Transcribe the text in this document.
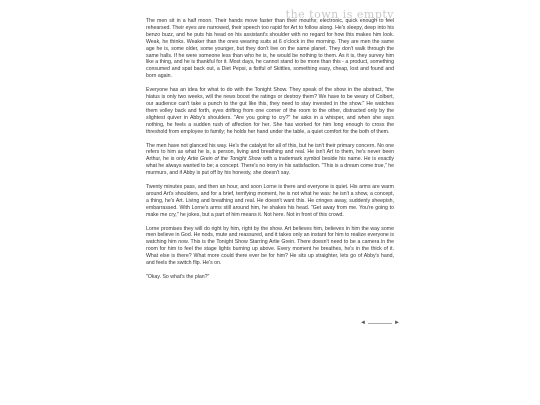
the town is empty

The men sit in a half moon. Their hands move faster than their mouths; electronic, quick enough to feel rehearsed. Their eyes are narrowed, their speech too rapid for Art to follow along. He's sleepy, deep into his benzo buzz, and he puts his head on his assistant's shoulder with no regard for how this makes him look. Weak, he thinks. Weaker than the ones wearing suits at 6 o'clock in the morning. They are men the same age he is, some older, some younger, but they don't live on the same planet. They don't walk through the same halls. If he were someone less than who he is, he would be nothing to them. As it is, they survey him like a thing, and he is thankful for it. Most days, he cannot stand to be more than this - a product, something consumed and spat back out, a Diet Pepsi, a fistful of Skittles, something easy, cheap, lost and found and born again.

Everyone has an idea for what to do with the Tonight Show. They speak of the show in the abstract, "the hiatus is only two weeks, will the news boost the ratings or destroy them? We have to be weary of Colbert, our audience can't take a punch to the gut like this, they need to stay invested in the show." He watches them volley back and forth, eyes drifting from one corner of the room to the other, distracted only by the slightest quiver in Abby's shoulders. "Are you going to cry?" he asks in a whisper, and when she says nothing, he feels a sudden rush of affection for her. She has worked for him long enough to cross the threshold from employee to family; he holds her hand under the table, a quiet comfort for the both of them.

The men have not glanced his way. He's the catalyst for all of this, but he isn't their primary concern. No one refers to him as what he is, a person, living and breathing and real. He isn't Art to them, he's never been Arthur, he is only Artie Grein of the Tonight Show with a trademark symbol beside his name. He is exactly what he always wanted to be; a concept. There's no irony in his satisfaction. "This is a dream come true," he murmurs, and if Abby is put off by his honesty, she doesn't say.

Twenty minutes pass, and then an hour, and soon Lorne is there and everyone is quiet. His arms are warm around Art's shoulders, and for a brief, terrifying moment, he is not what he was: he isn't a show, a concept, a thing, he's Art. Living and breathing and real. He doesn't want this. He cringes away, suddenly sheepish, embarrassed. With Lorne's arms still around him, he shakes his head. "Get away from me. You're going to make me cry," he jokes, but a part of him means it. Not here. Not in front of this crowd.

Lorne promises they will do right by him, right by the show. Art believes him, believes in him the way some men believe in God. He nods, mute and reassured, and it takes only an instant for him to realize everyone is watching him now. This is the Tonight Show Starring Artie Grein. There doesn't need to be a camera in the room for him to feel the stage lights burning up above. Every moment he breathes, he's in the thick of it. What else is there? What more could there ever be for him? He sits up straighter, lets go of Abby's hand, and feels the switch flip. He's on.

"Okay. So what's the plan?"

◄	►
